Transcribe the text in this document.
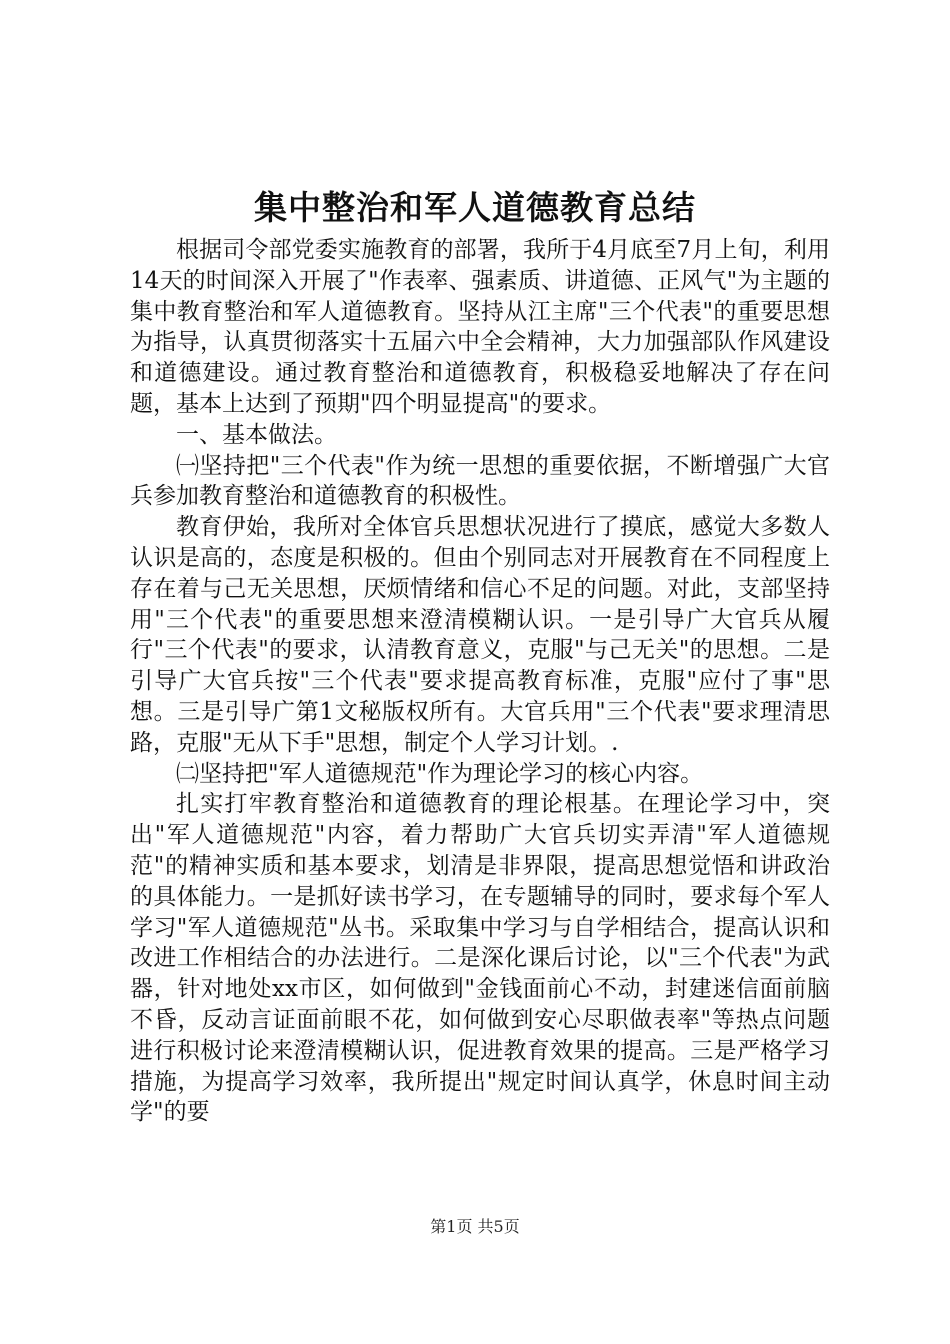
集中整治和军人道德教育总结

根据司令部党委实施教育的部署，我所于4月底至7月上旬，利用14天的时间深入开展了"作表率、强素质、讲道德、正风气"为主题的集中教育整治和军人道德教育。坚持从江主席"三个代表"的重要思想为指导，认真贯彻落实十五届六中全会精神，大力加强部队作风建设和道德建设。通过教育整治和道德教育，积极稳妥地解决了存在问题，基本上达到了预期"四个明显提高"的要求。

一、基本做法。

㈠坚持把"三个代表"作为统一思想的重要依据，不断增强广大官兵参加教育整治和道德教育的积极性。

教育伊始，我所对全体官兵思想状况进行了摸底，感觉大多数人认识是高的，态度是积极的。但由个别同志对开展教育在不同程度上存在着与己无关思想，厌烦情绪和信心不足的问题。对此，支部坚持用"三个代表"的重要思想来澄清模糊认识。一是引导广大官兵从履行"三个代表"的要求，认清教育意义，克服"与己无关"的思想。二是引导广大官兵按"三个代表"要求提高教育标准，克服"应付了事"思想。三是引导广第1文秘版权所有。大官兵用"三个代表"要求理清思路，克服"无从下手"思想，制定个人学习计划。.

㈡坚持把"军人道德规范"作为理论学习的核心内容。

扎实打牢教育整治和道德教育的理论根基。在理论学习中，突出"军人道德规范"内容，着力帮助广大官兵切实弄清"军人道德规范"的精神实质和基本要求，划清是非界限，提高思想觉悟和讲政治的具体能力。一是抓好读书学习，在专题辅导的同时，要求每个军人学习"军人道德规范"丛书。采取集中学习与自学相结合，提高认识和改进工作相结合的办法进行。二是深化课后讨论，以"三个代表"为武器，针对地处xx市区，如何做到"金钱面前心不动，封建迷信面前脑不昏，反动言证面前眼不花，如何做到安心尽职做表率"等热点问题进行积极讨论来澄清模糊认识，促进教育效果的提高。三是严格学习措施，为提高学习效率，我所提出"规定时间认真学，休息时间主动学"的要

第1页 共5页
